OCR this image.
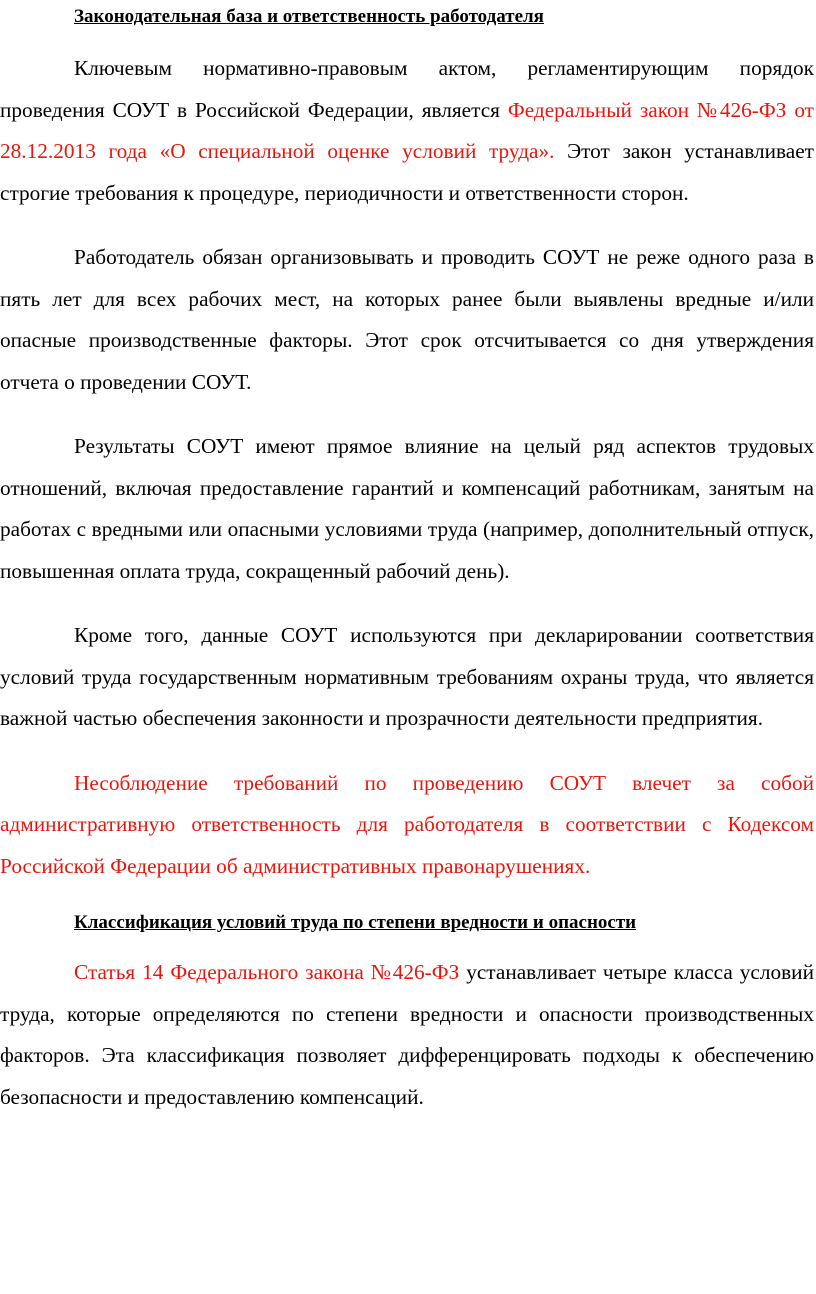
Законодательная база и ответственность работодателя

Ключевым нормативно-правовым актом, регламентирующим порядок проведения СОУТ в Российской Федерации, является Федеральный закон №426-ФЗ от 28.12.2013 года «О специальной оценке условий труда». Этот закон устанавливает строгие требования к процедуре, периодичности и ответственности сторон.

Работодатель обязан организовывать и проводить СОУТ не реже одного раза в пять лет для всех рабочих мест, на которых ранее были выявлены вредные и/или опасные производственные факторы. Этот срок отсчитывается со дня утверждения отчета о проведении СОУТ.

Результаты СОУТ имеют прямое влияние на целый ряд аспектов трудовых отношений, включая предоставление гарантий и компенсаций работникам, занятым на работах с вредными или опасными условиями труда (например, дополнительный отпуск, повышенная оплата труда, сокращенный рабочий день).

Кроме того, данные СОУТ используются при декларировании соответствия условий труда государственным нормативным требованиям охраны труда, что является важной частью обеспечения законности и прозрачности деятельности предприятия.

Несоблюдение требований по проведению СОУТ влечет за собой административную ответственность для работодателя в соответствии с Кодексом Российской Федерации об административных правонарушениях.

Классификация условий труда по степени вредности и опасности

Статья 14 Федерального закона №426-ФЗ устанавливает четыре класса условий труда, которые определяются по степени вредности и опасности производственных факторов. Эта классификация позволяет дифференцировать подходы к обеспечению безопасности и предоставлению компенсаций.
